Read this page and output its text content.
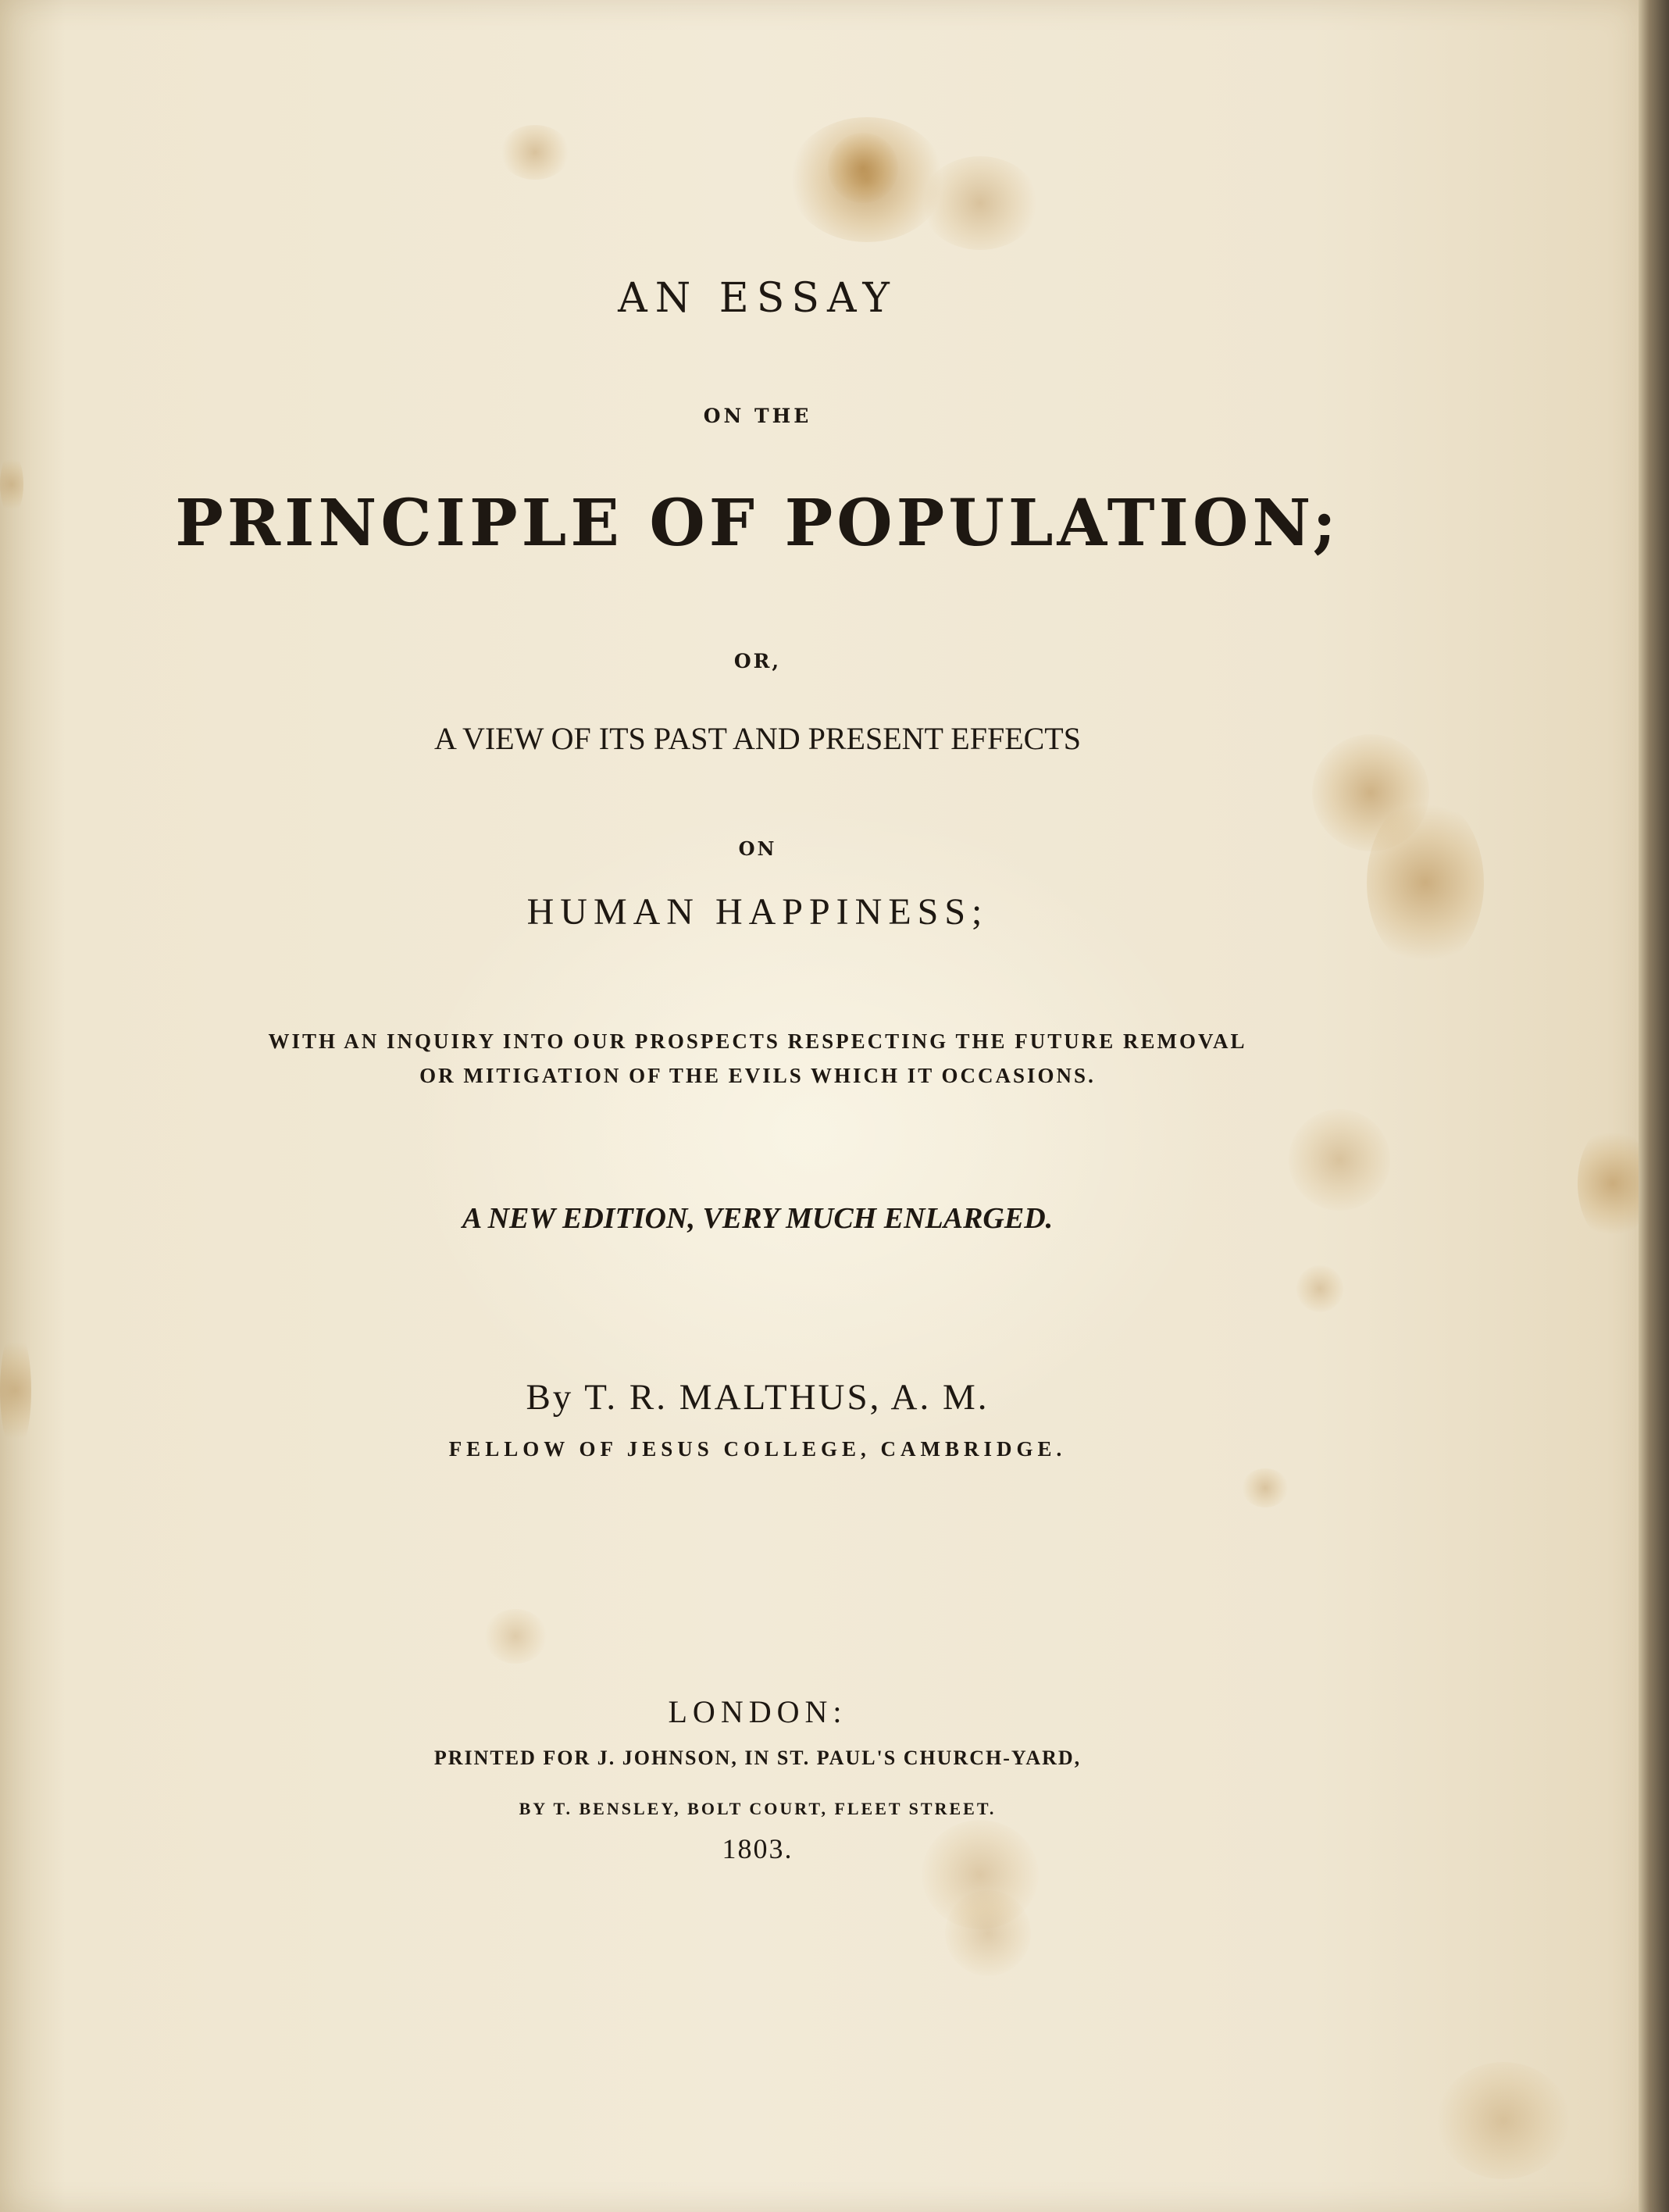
AN ESSAY

ON THE

PRINCIPLE OF POPULATION;

OR,

A VIEW OF ITS PAST AND PRESENT EFFECTS

ON

HUMAN HAPPINESS;

WITH AN INQUIRY INTO OUR PROSPECTS RESPECTING THE FUTURE REMOVAL

OR MITIGATION OF THE EVILS WHICH IT OCCASIONS.

A NEW EDITION, VERY MUCH ENLARGED.

By T. R. MALTHUS, A. M.

FELLOW OF JESUS COLLEGE, CAMBRIDGE.

LONDON:

PRINTED FOR J. JOHNSON, IN ST. PAUL'S CHURCH-YARD,

BY T. BENSLEY, BOLT COURT, FLEET STREET.

1803.
